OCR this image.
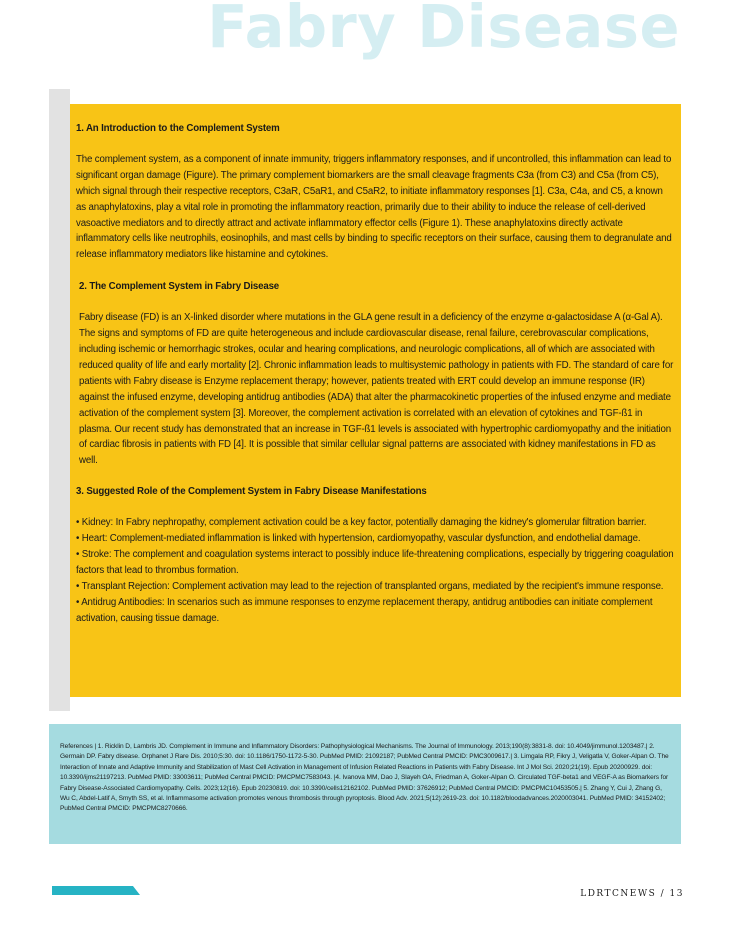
Fabry Disease

1. An Introduction to the Complement System

The complement system, as a component of innate immunity, triggers inflammatory responses, and if uncontrolled, this inflammation can lead to significant organ damage (Figure). The primary complement biomarkers are the small cleavage fragments C3a (from C3) and C5a (from C5), which signal through their respective receptors, C3aR, C5aR1, and C5aR2, to initiate inflammatory responses [1]. C3a, C4a, and C5, a known as anaphylatoxins, play a vital role in promoting the inflammatory reaction, primarily due to their ability to induce the release of cell-derived vasoactive mediators and to directly attract and activate inflammatory effector cells (Figure 1). These anaphylatoxins directly activate inflammatory cells like neutrophils, eosinophils, and mast cells by binding to specific receptors on their surface, causing them to degranulate and release inflammatory mediators like histamine and cytokines.

2. The Complement System in Fabry Disease

Fabry disease (FD) is an X-linked disorder where mutations in the GLA gene result in a deficiency of the enzyme α-galactosidase A (α-Gal A). The signs and symptoms of FD are quite heterogeneous and include cardiovascular disease, renal failure, cerebrovascular complications, including ischemic or hemorrhagic strokes, ocular and hearing complications, and neurologic complications, all of which are associated with reduced quality of life and early mortality [2]. Chronic inflammation leads to multisystemic pathology in patients with FD. The standard of care for patients with Fabry disease is Enzyme replacement therapy; however, patients treated with ERT could develop an immune response (IR) against the infused enzyme, developing antidrug antibodies (ADA) that alter the pharmacokinetic properties of the infused enzyme and mediate activation of the complement system [3]. Moreover, the complement activation is correlated with an elevation of cytokines and TGF-ß1 in plasma. Our recent study has demonstrated that an increase in TGF-ß1 levels is associated with hypertrophic cardiomyopathy and the initiation of cardiac fibrosis in patients with FD [4]. It is possible that similar cellular signal patterns are associated with kidney manifestations in FD as well.

3. Suggested Role of the Complement System in Fabry Disease Manifestations

• Kidney: In Fabry nephropathy, complement activation could be a key factor, potentially damaging the kidney's glomerular filtration barrier.

• Heart: Complement-mediated inflammation is linked with hypertension, cardiomyopathy, vascular dysfunction, and endothelial damage.

• Stroke: The complement and coagulation systems interact to possibly induce life-threatening complications, especially by triggering coagulation factors that lead to thrombus formation.

• Transplant Rejection: Complement activation may lead to the rejection of transplanted organs, mediated by the recipient's immune response.

• Antidrug Antibodies: In scenarios such as immune responses to enzyme replacement therapy, antidrug antibodies can initiate complement activation, causing tissue damage.

References | 1. Ricklin D, Lambris JD. Complement in Immune and Inflammatory Disorders: Pathophysiological Mechanisms. The Journal of Immunology. 2013;190(8):3831-8. doi: 10.4049/jimmunol.1203487.| 2. Germain DP. Fabry disease. Orphanet J Rare Dis. 2010;5:30. doi: 10.1186/1750-1172-5-30. PubMed PMID: 21092187; PubMed Central PMCID: PMC3009617.| 3. Limgala RP, Fikry J, Veligatla V, Goker-Alpan O. The Interaction of Innate and Adaptive Immunity and Stabilization of Mast Cell Activation in Management of Infusion Related Reactions in Patients with Fabry Disease. Int J Mol Sci. 2020;21(19). Epub 20200929. doi: 10.3390/ijms21197213. PubMed PMID: 33003611; PubMed Central PMCID: PMCPMC7583043. |4. Ivanova MM, Dao J, Slayeh OA, Friedman A, Goker-Alpan O. Circulated TGF-beta1 and VEGF-A as Biomarkers for Fabry Disease-Associated Cardiomyopathy. Cells. 2023;12(16). Epub 20230819. doi: 10.3390/cells12162102. PubMed PMID: 37626912; PubMed Central PMCID: PMCPMC10453505.| 5. Zhang Y, Cui J, Zhang G, Wu C, Abdel-Latif A, Smyth SS, et al. Inflammasome activation promotes venous thrombosis through pyroptosis. Blood Adv. 2021;5(12):2619-23. doi: 10.1182/bloodadvances.2020003041. PubMed PMID: 34152402; PubMed Central PMCID: PMCPMC8270666.

LDRTCNEWS / 13
